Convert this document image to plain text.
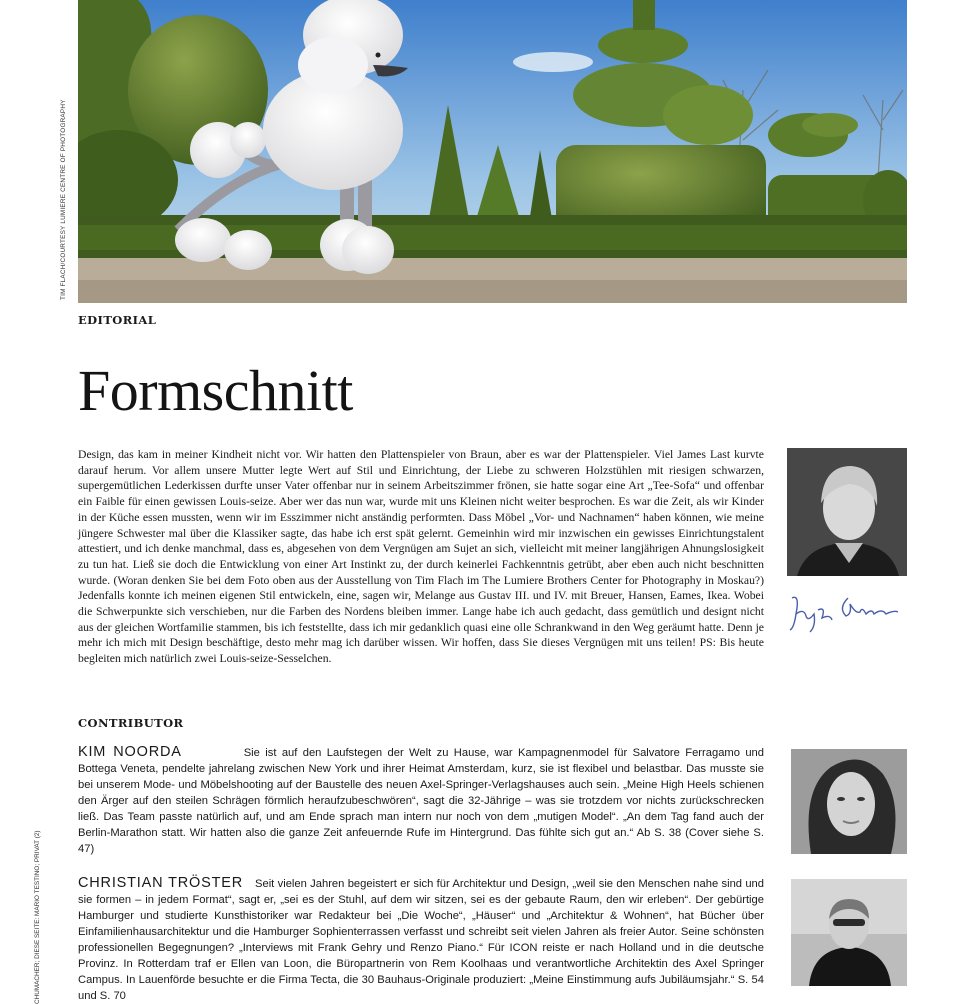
TIM FLACH/COURTESY LUMIERE CENTRE OF PHOTOGRAPHY
EDITORIAL
Formschnitt

Design, das kam in meiner Kindheit nicht vor. Wir hatten den Plattenspieler von Braun, aber es war der Plattenspieler. Viel James Last kurvte darauf herum. Vor allem unsere Mutter legte Wert auf Stil und Einrichtung, der Liebe zu schweren Holzstühlen mit riesigen schwarzen, supergemütlichen Lederkissen durfte unser Vater offenbar nur in seinem Arbeitszimmer frönen, sie hatte sogar eine Art „Tee-Sofa“ und offenbar ein Faible für einen gewissen Louis-seize. Aber wer das nun war, wurde mit uns Kleinen nicht weiter besprochen. Es war die Zeit, als wir Kinder in der Küche essen mussten, wenn wir im Esszimmer nicht anständig performten. Dass Möbel „Vor- und Nachnamen“ haben können, wie meine jüngere Schwester mal über die Klassiker sagte, das habe ich erst spät gelernt. Gemeinhin wird mir inzwischen ein gewisses Einrichtungstalent attestiert, und ich denke manchmal, dass es, abgesehen von dem Vergnügen am Sujet an sich, vielleicht mit meiner langjährigen Ahnungslosigkeit zu tun hat. Ließ sie doch die Entwicklung von einer Art Instinkt zu, der durch keinerlei Fachkenntnis getrübt, aber eben auch nicht beschnitten wurde. (Woran denken Sie bei dem Foto oben aus der Ausstellung von Tim Flach im The Lumiere Brothers Center for Photography in Moskau?) Jedenfalls konnte ich meinen eigenen Stil entwickeln, eine, sagen wir, Melange aus Gustav III. und IV. mit Breuer, Hansen, Eames, Ikea. Wobei die Schwerpunkte sich verschieben, nur die Farben des Nordens bleiben immer. Lange habe ich auch gedacht, dass gemütlich und designt nicht aus der gleichen Wortfamilie stammen, bis ich feststellte, dass ich mir gedanklich quasi eine olle Schrankwand in den Weg geräumt hatte. Denn je mehr ich mich mit Design beschäftige, desto mehr mag ich darüber wissen. Wir hoffen, dass Sie dieses Vergnügen mit uns teilen! PS: Bis heute begleiten mich natürlich zwei Louis-seize-Sesselchen.

CONTRIBUTOR

KIM NOORDA	Sie ist auf den Laufstegen der Welt zu Hause, war Kampagnenmodel für Salvatore Ferragamo und Bottega Veneta, pendelte jahrelang zwischen New York und ihrer Heimat Amsterdam, kurz, sie ist flexibel und belastbar. Das musste sie bei unserem Mode- und Möbelshooting auf der Baustelle des neuen Axel-Springer-Verlagshauses auch sein. „Meine High Heels schienen den Ärger auf den steilen Schrägen förmlich heraufzubeschwören“, sagt die 32-Jährige – was sie trotzdem vor nichts zurückschrecken ließ. Das Team passte natürlich auf, und am Ende sprach man intern nur noch von dem „mutigen Model“. „An dem Tag fand auch der Berlin-Marathon statt. Wir hatten also die ganze Zeit anfeuernde Rufe im Hintergrund. Das fühlte sich gut an.“ Ab S. 38 (Cover siehe S. 47)

CHRISTIAN TRÖSTER Seit vielen Jahren begeistert er sich für Architektur und Design, „weil sie den Menschen nahe sind und sie formen – in jedem Format“, sagt er, „sei es der Stuhl, auf dem wir sitzen, sei es der gebaute Raum, den wir erleben“. Der gebürtige Hamburger und studierte Kunsthistoriker war Redakteur bei „Die Woche“, „Häuser“ und „Architektur & Wohnen“, hat Bücher über Einfamilienhausarchitektur und die Hamburger Sophienterrassen verfasst und schreibt seit vielen Jahren als freier Autor. Seine schönsten professionellen Begegnungen? „Interviews mit Frank Gehry und Renzo Piano.“ Für ICON reiste er nach Holland und in die deutsche Provinz. In Rotterdam traf er Ellen van Loon, die Büropartnerin von Rem Koolhaas und verantwortliche Architektin des Axel Springer Campus. In Lauenförde besuchte er die Firma Tecta, die 30 Bauhaus-Originale produziert: „Meine Einstimmung aufs Jubiläumsjahr.“ S. 54 und S. 70

CHUMACHER; DIESE SEITE: MARIO TESTINO; PRIVAT (2)
